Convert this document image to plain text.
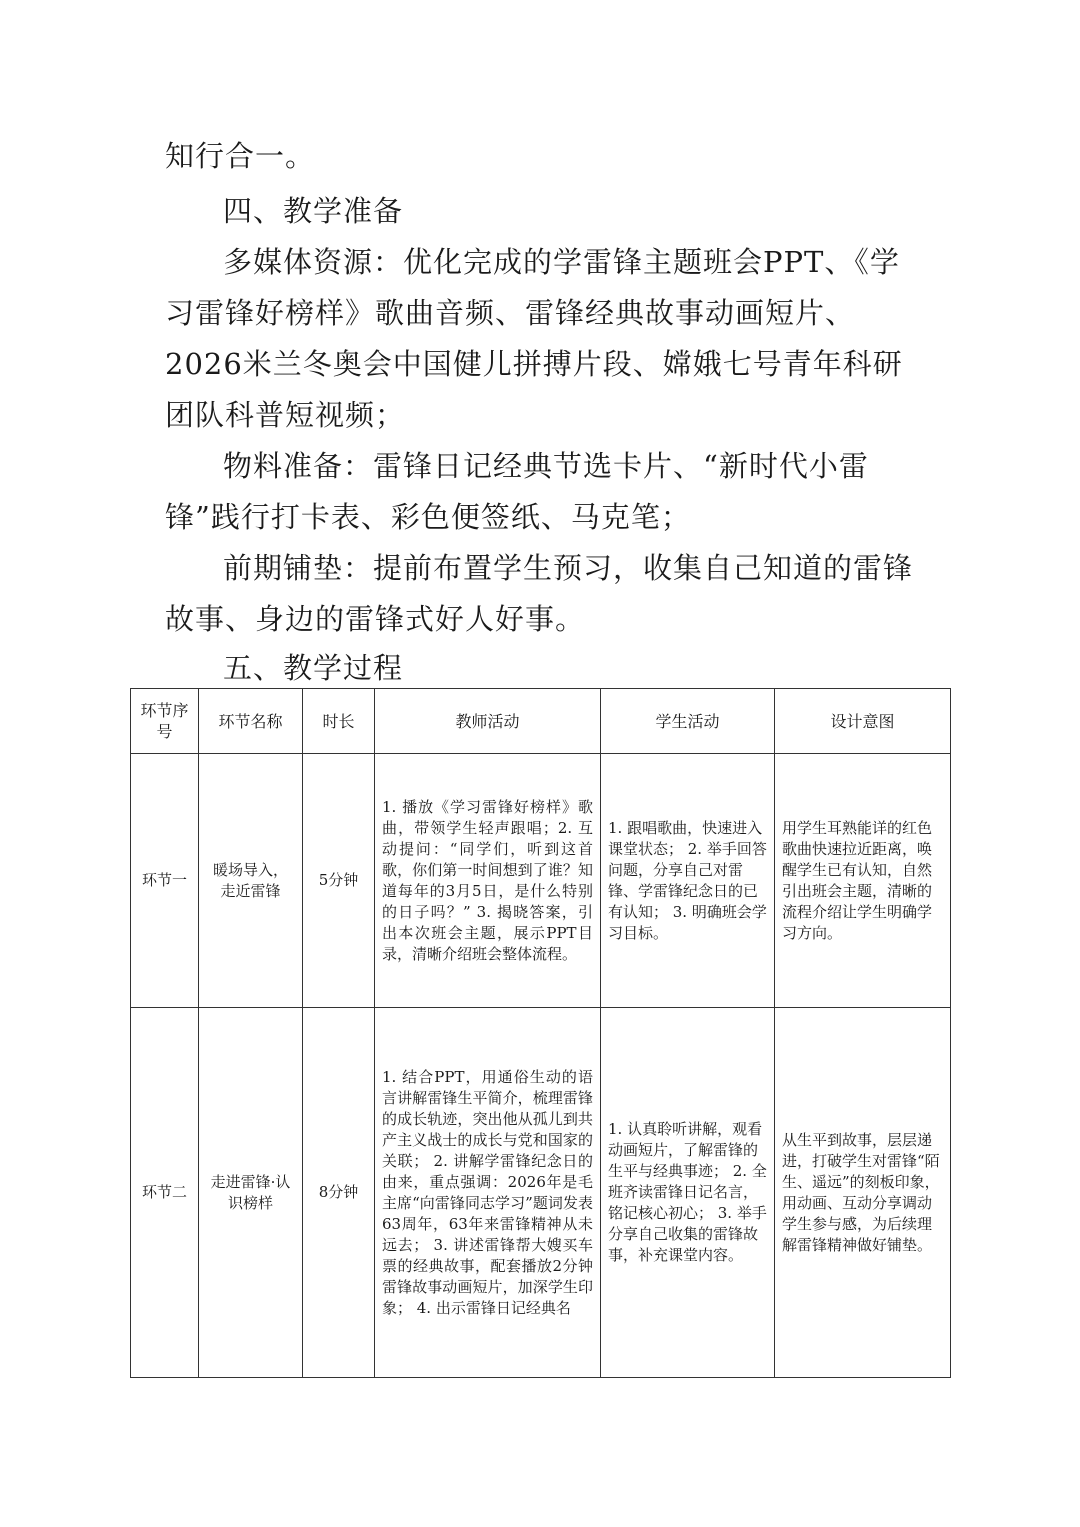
知行合一。

四、教学准备

多媒体资源：优化完成的学雷锋主题班会PPT、《学习雷锋好榜样》歌曲音频、雷锋经典故事动画短片、2026米兰冬奥会中国健儿拼搏片段、嫦娥七号青年科研团队科普短视频；

物料准备：雷锋日记经典节选卡片、“新时代小雷锋”践行打卡表、彩色便签纸、马克笔；

前期铺垫：提前布置学生预习，收集自己知道的雷锋故事、身边的雷锋式好人好事。

五、教学过程

环节序号	环节名称	时长	教师活动	学生活动	设计意图
环节一	暖场导入，走近雷锋	5分钟	1. 播放《学习雷锋好榜样》歌曲，带领学生轻声跟唱；2. 互动提问：“同学们，听到这首歌，你们第一时间想到了谁？知道每年的3月5日，是什么特别的日子吗？” 3. 揭晓答案，引出本次班会主题，展示PPT目录，清晰介绍班会整体流程。	1. 跟唱歌曲，快速进入课堂状态； 2. 举手回答问题，分享自己对雷锋、学雷锋纪念日的已有认知； 3. 明确班会学习目标。	用学生耳熟能详的红色歌曲快速拉近距离，唤醒学生已有认知，自然引出班会主题，清晰的流程介绍让学生明确学习方向。
环节二	走进雷锋·认识榜样	8分钟	1. 结合PPT，用通俗生动的语言讲解雷锋生平简介，梳理雷锋的成长轨迹，突出他从孤儿到共产主义战士的成长与党和国家的关联； 2. 讲解学雷锋纪念日的由来，重点强调：2026年是毛主席“向雷锋同志学习”题词发表63周年，63年来雷锋精神从未远去； 3. 讲述雷锋帮大嫂买车票的经典故事，配套播放2分钟雷锋故事动画短片，加深学生印象； 4. 出示雷锋日记经典名	1. 认真聆听讲解，观看动画短片，了解雷锋的生平与经典事迹； 2. 全班齐读雷锋日记名言，铭记核心初心； 3. 举手分享自己收集的雷锋故事，补充课堂内容。	从生平到故事，层层递进，打破学生对雷锋“陌生、遥远”的刻板印象，用动画、互动分享调动学生参与感，为后续理解雷锋精神做好铺垫。
